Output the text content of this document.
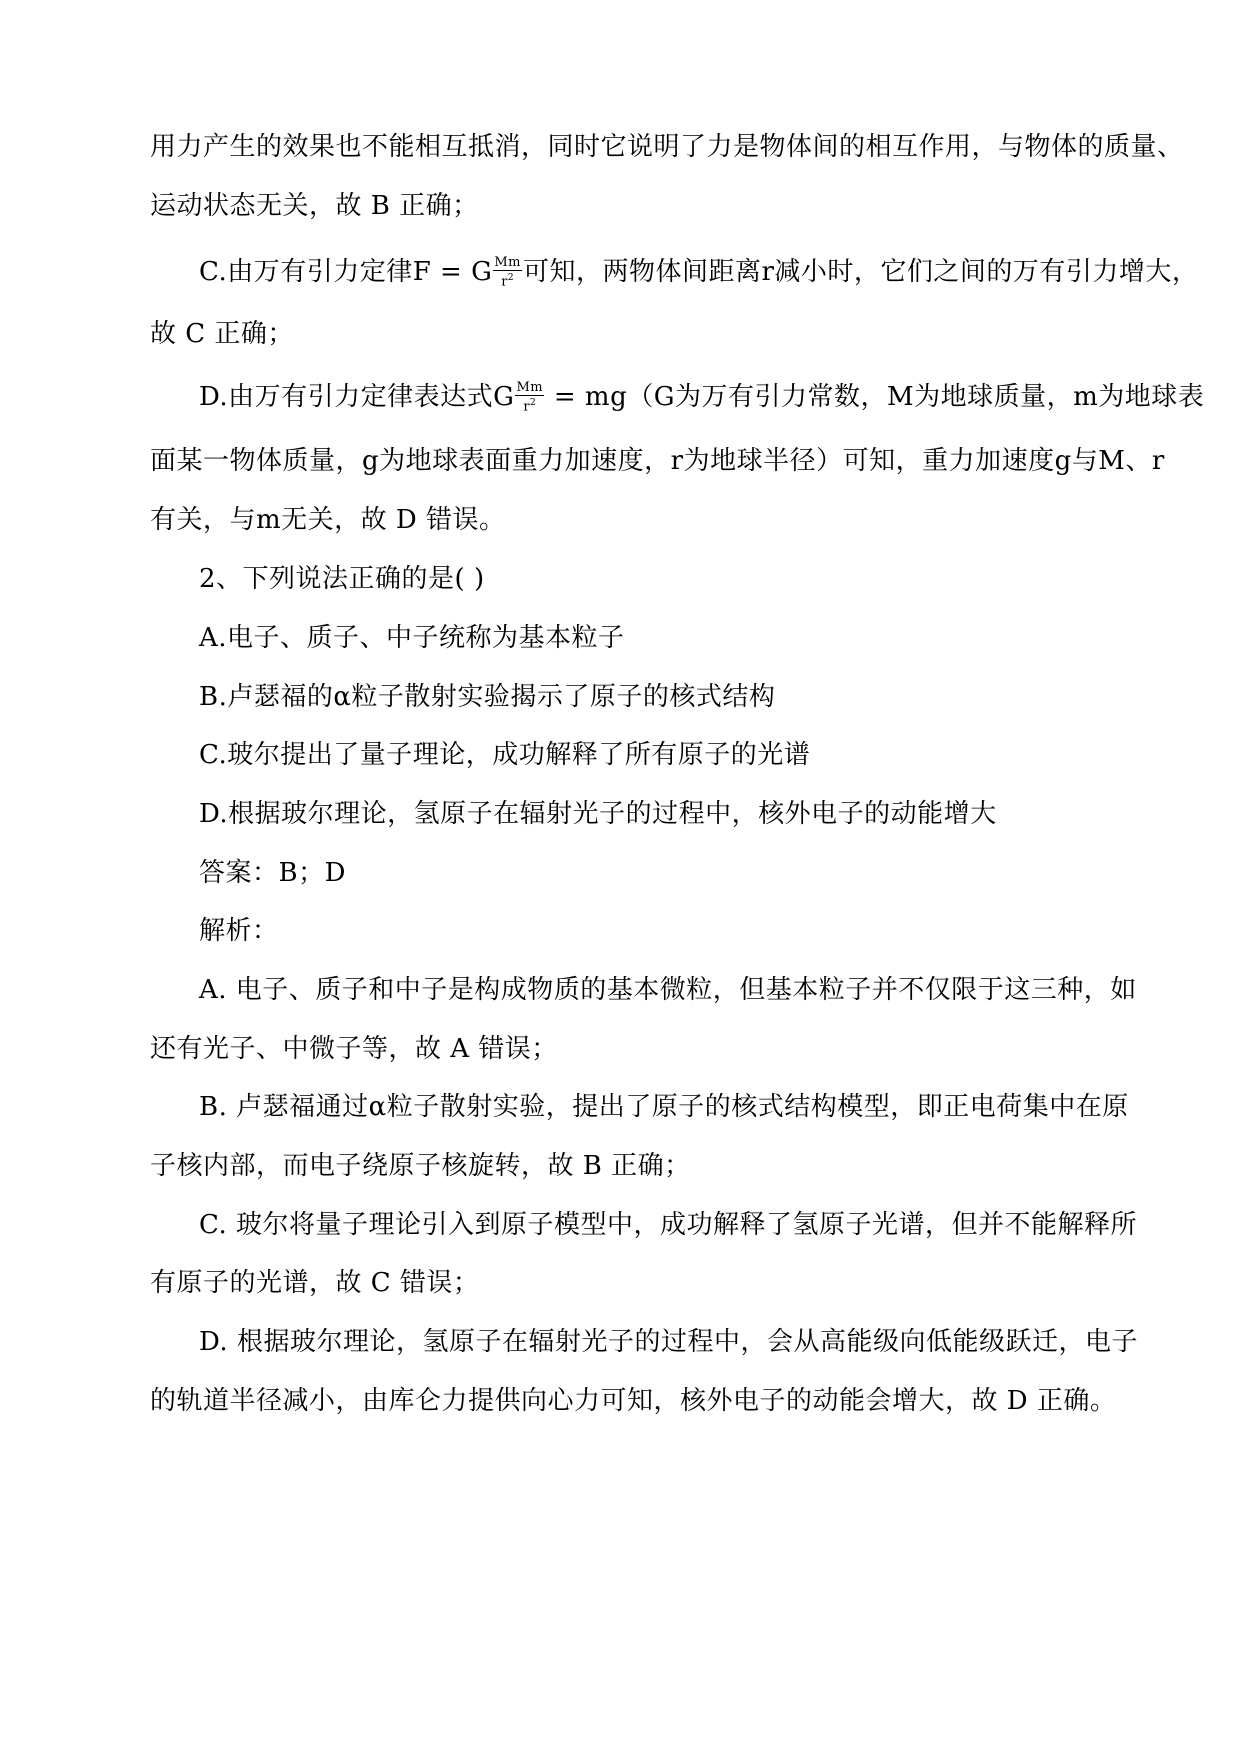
用力产生的效果也不能相互抵消，同时它说明了力是物体间的相互作用，与物体的质量、
运动状态无关，故 B 正确；
C.由万有引力定律F = G $\frac{Mm}{r^2}$ 可知，两物体间距离r减小时，它们之间的万有引力增大，
故 C 正确；
D.由万有引力定律表达式G $\frac{Mm}{r^2} = mg(G$为万有引力常数，M为地球质量，m为地球表
面某一物体质量，g为地球表面重力加速度，r为地球半径）可知，重力加速度g与M、r
有关，与m无关，故 D 错误。
2、下列说法正确的是( )
A.电子、质子、中子统称为基本粒子
B.卢瑟福的α粒子散射实验揭示了原子的核式结构
C.玻尔提出了量子理论，成功解释了所有原子的光谱
D.根据玻尔理论，氢原子在辐射光子的过程中，核外电子的动能增大
答案：B；D
解析：
A. 电子、质子和中子是构成物质的基本微粒，但基本粒子并不仅限于这三种，如
还有光子、中微子等，故 A 错误；
B. 卢瑟福通过α粒子散射实验，提出了原子的核式结构模型，即正电荷集中在原
子核内部，而电子绕原子核旋转，故 B 正确；
C. 玻尔将量子理论引入到原子模型中，成功解释了氢原子光谱，但并不能解释所
有原子的光谱，故 C 错误；
D. 根据玻尔理论，氢原子在辐射光子的过程中，会从高能级向低能级跃迁，电子
的轨道半径减小，由库仑力提供向心力可知，核外电子的动能会增大，故 D 正确。
